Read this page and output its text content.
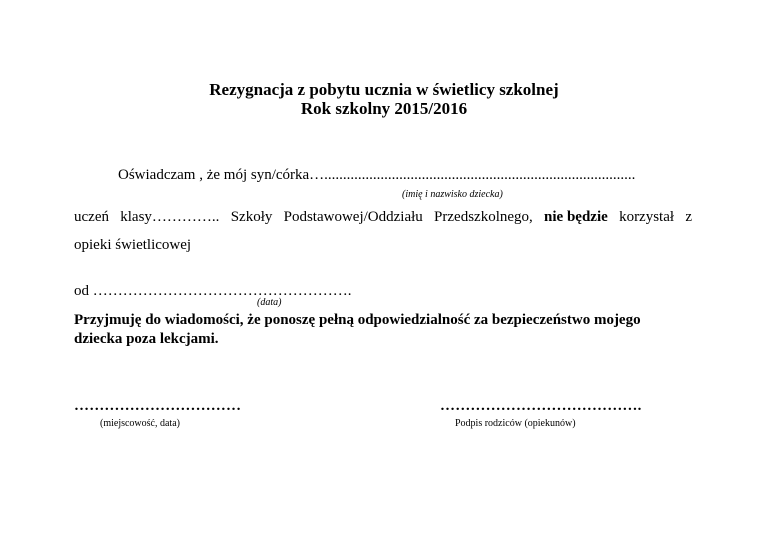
Rezygnacja z pobytu ucznia w świetlicy szkolnej
Rok szkolny 2015/2016
Oświadczam , że mój syn/córka…...................................................................................
(imię i nazwisko dziecka)
uczeń klasy………….. Szkoły Podstawowej/Oddziału Przedszkolnego, nie będzie korzystał z
opieki świetlicowej
od …………………………………………….
(data)
Przyjmuję do wiadomości, że ponoszę pełną odpowiedzialność za bezpieczeństwo mojego
dziecka poza lekcjami.
……………………………
(miejscowość, data)
………………………………….
Podpis rodziców (opiekunów)
